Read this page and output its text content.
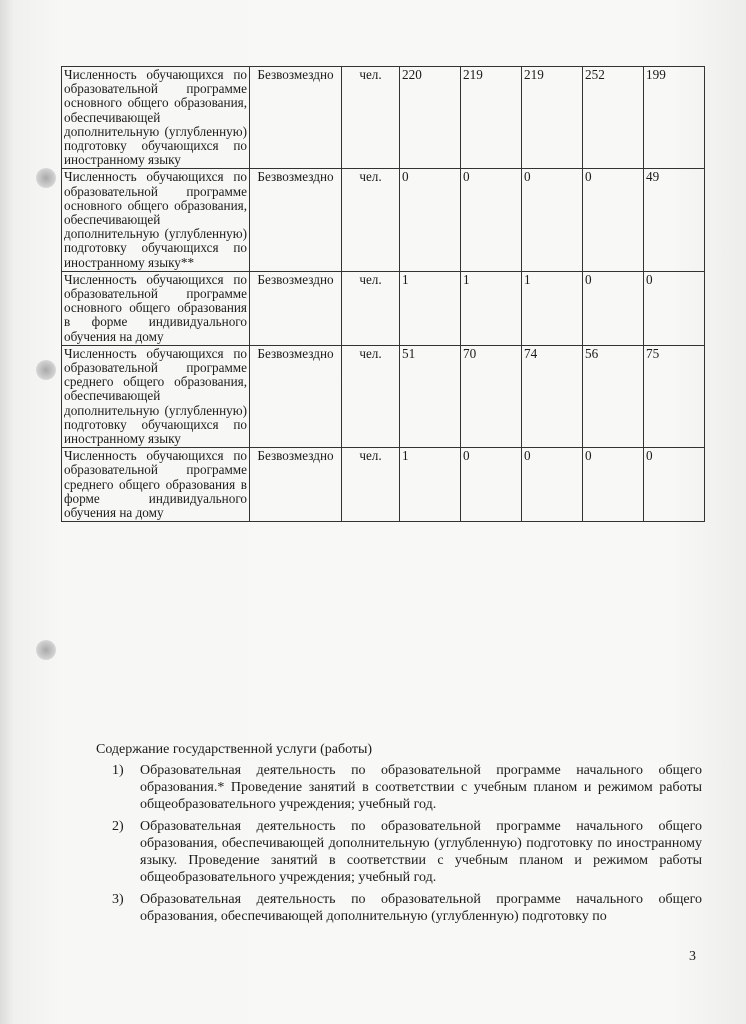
Численность обучающихся по образовательной программе основного общего образования, обеспечивающей дополнительную (углубленную) подготовку обучающихся по иностранному языку	Безвозмездно	чел.	220	219	219	252	199
Численность обучающихся по образовательной программе основного общего образования, обеспечивающей дополнительную (углубленную) подготовку обучающихся по иностранному языку**	Безвозмездно	чел.	0	0	0	0	49
Численность обучающихся по образовательной программе основного общего образования в форме индивидуального обучения на дому	Безвозмездно	чел.	1	1	1	0	0
Численность обучающихся по образовательной программе среднего общего образования, обеспечивающей дополнительную (углубленную) подготовку обучающихся по иностранному языку	Безвозмездно	чел.	51	70	74	56	75
Численность обучающихся по образовательной программе среднего общего образования в форме индивидуального обучения на дому	Безвозмездно	чел.	1	0	0	0	0
Содержание государственной услуги (работы)
1) Образовательная деятельность по образовательной программе начального общего образования.* Проведение занятий в соответствии с учебным планом и режимом работы общеобразовательного учреждения; учебный год.
2) Образовательная деятельность по образовательной программе начального общего образования, обеспечивающей дополнительную (углубленную) подготовку по иностранному языку. Проведение занятий в соответствии с учебным планом и режимом работы общеобразовательного учреждения; учебный год.
3) Образовательная деятельность по образовательной программе начального общего образования, обеспечивающей дополнительную (углубленную) подготовку по
3
